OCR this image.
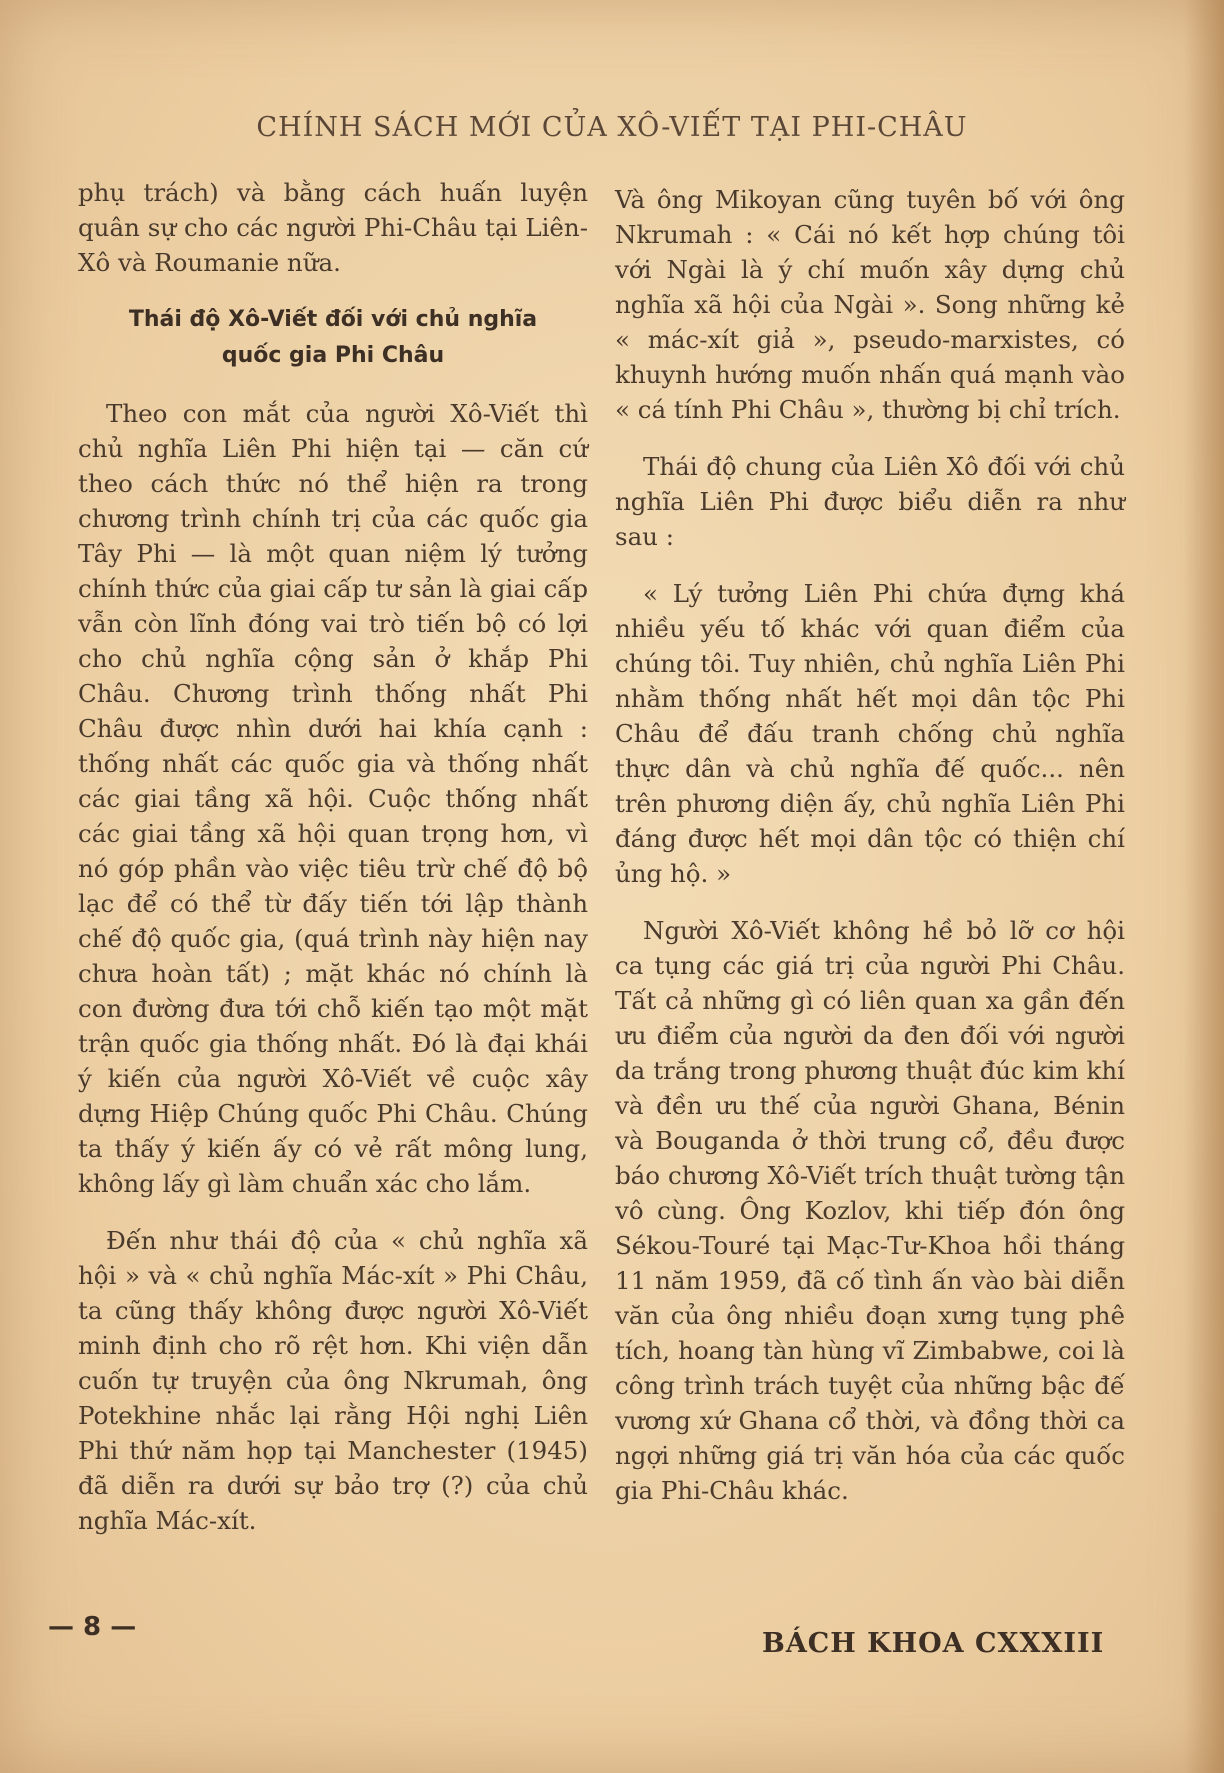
CHÍNH SÁCH MỚI CỦA XÔ-VIẾT TẠI PHI-CHÂU

phụ trách) và bằng cách huấn luyện quân sự cho các người Phi-Châu tại Liên-Xô và Roumanie nữa.

Thái độ Xô-Viết đối với chủ nghĩa quốc gia Phi Châu

Theo con mắt của người Xô-Viết thì chủ nghĩa Liên Phi hiện tại — căn cứ theo cách thức nó thể hiện ra trong chương trình chính trị của các quốc gia Tây Phi — là một quan niệm lý tưởng chính thức của giai cấp tư sản là giai cấp vẫn còn lĩnh đóng vai trò tiến bộ có lợi cho chủ nghĩa cộng sản ở khắp Phi Châu. Chương trình thống nhất Phi Châu được nhìn dưới hai khía cạnh : thống nhất các quốc gia và thống nhất các giai tầng xã hội. Cuộc thống nhất các giai tầng xã hội quan trọng hơn, vì nó góp phần vào việc tiêu trừ chế độ bộ lạc để có thể từ đấy tiến tới lập thành chế độ quốc gia, (quá trình này hiện nay chưa hoàn tất) ; mặt khác nó chính là con đường đưa tới chỗ kiến tạo một mặt trận quốc gia thống nhất. Đó là đại khái ý kiến của người Xô-Viết về cuộc xây dựng Hiệp Chúng quốc Phi Châu. Chúng ta thấy ý kiến ấy có vẻ rất mông lung, không lấy gì làm chuẩn xác cho lắm.

Đến như thái độ của « chủ nghĩa xã hội » và « chủ nghĩa Mác-xít » Phi Châu, ta cũng thấy không được người Xô-Viết minh định cho rõ rệt hơn. Khi viện dẫn cuốn tự truyện của ông Nkrumah, ông Potekhine nhắc lại rằng Hội nghị Liên Phi thứ năm họp tại Manchester (1945) đã diễn ra dưới sự bảo trợ (?) của chủ nghĩa Mác-xít.

Và ông Mikoyan cũng tuyên bố với ông Nkrumah : « Cái nó kết hợp chúng tôi với Ngài là ý chí muốn xây dựng chủ nghĩa xã hội của Ngài ». Song những kẻ « mác-xít giả », pseudo-marxistes, có khuynh hướng muốn nhấn quá mạnh vào « cá tính Phi Châu », thường bị chỉ trích.

Thái độ chung của Liên Xô đối với chủ nghĩa Liên Phi được biểu diễn ra như sau :

« Lý tưởng Liên Phi chứa đựng khá nhiều yếu tố khác với quan điểm của chúng tôi. Tuy nhiên, chủ nghĩa Liên Phi nhằm thống nhất hết mọi dân tộc Phi Châu để đấu tranh chống chủ nghĩa thực dân và chủ nghĩa đế quốc... nên trên phương diện ấy, chủ nghĩa Liên Phi đáng được hết mọi dân tộc có thiện chí ủng hộ. »

Người Xô-Viết không hề bỏ lỡ cơ hội ca tụng các giá trị của người Phi Châu. Tất cả những gì có liên quan xa gần đến ưu điểm của người da đen đối với người da trắng trong phương thuật đúc kim khí và đền ưu thế của người Ghana, Bénin và Bouganda ở thời trung cổ, đều được báo chương Xô-Viết trích thuật tường tận vô cùng. Ông Kozlov, khi tiếp đón ông Sékou-Touré tại Mạc-Tư-Khoa hồi tháng 11 năm 1959, đã cố tình ấn vào bài diễn văn của ông nhiều đoạn xưng tụng phê tích, hoang tàn hùng vĩ Zimbabwe, coi là công trình trách tuyệt của những bậc đế vương xứ Ghana cổ thời, và đồng thời ca ngợi những giá trị văn hóa của các quốc gia Phi-Châu khác.

— 8 —
BÁCH KHOA CXXXIII
